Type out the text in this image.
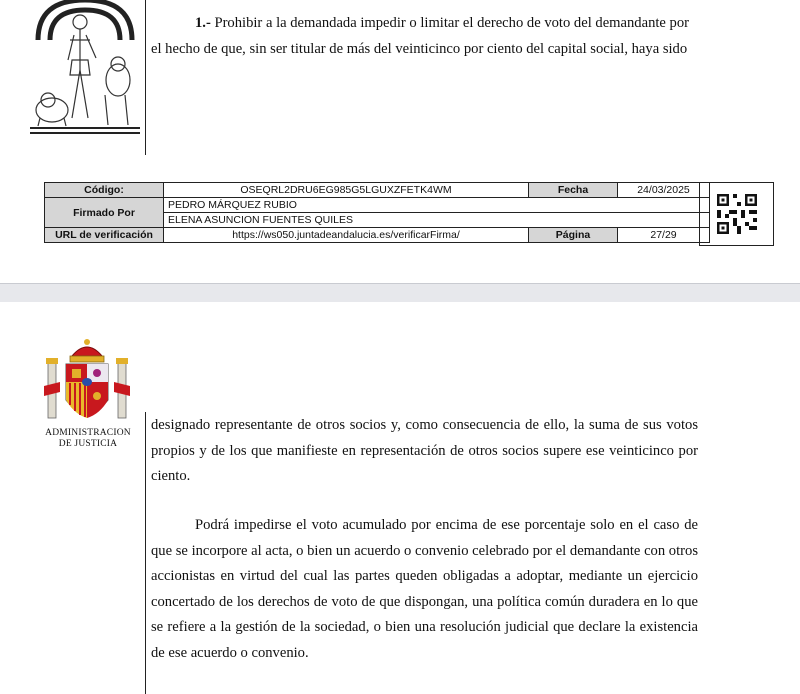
1.- Prohibir a la demandada impedir o limitar el derecho de voto del demandante por
el hecho de que, sin ser titular de más del veinticinco por ciento del capital social, haya sido

Código:	OSEQRL2DRU6EG985G5LGUXZFETK4WM	Fecha	24/03/2025
Firmado Por	PEDRO MÁRQUEZ RUBIO		
	ELENA ASUNCION FUENTES QUILES		
URL de verificación	https://ws050.juntadeandalucia.es/verificarFirma/	Página	27/29
ADMINISTRACION
DE JUSTICIA

designado representante de otros socios y, como consecuencia de ello, la suma de sus votos propios y de los que manifieste en representación de otros socios supere ese veinticinco por ciento.

Podrá impedirse el voto acumulado por encima de ese porcentaje solo en el caso de que se incorpore al acta, o bien un acuerdo o convenio celebrado por el demandante con otros accionistas en virtud del cual las partes queden obligadas a adoptar, mediante un ejercicio concertado de los derechos de voto de que dispongan, una política común duradera en lo que se refiere a la gestión de la sociedad, o bien una resolución judicial que declare la existencia de ese acuerdo o convenio.
